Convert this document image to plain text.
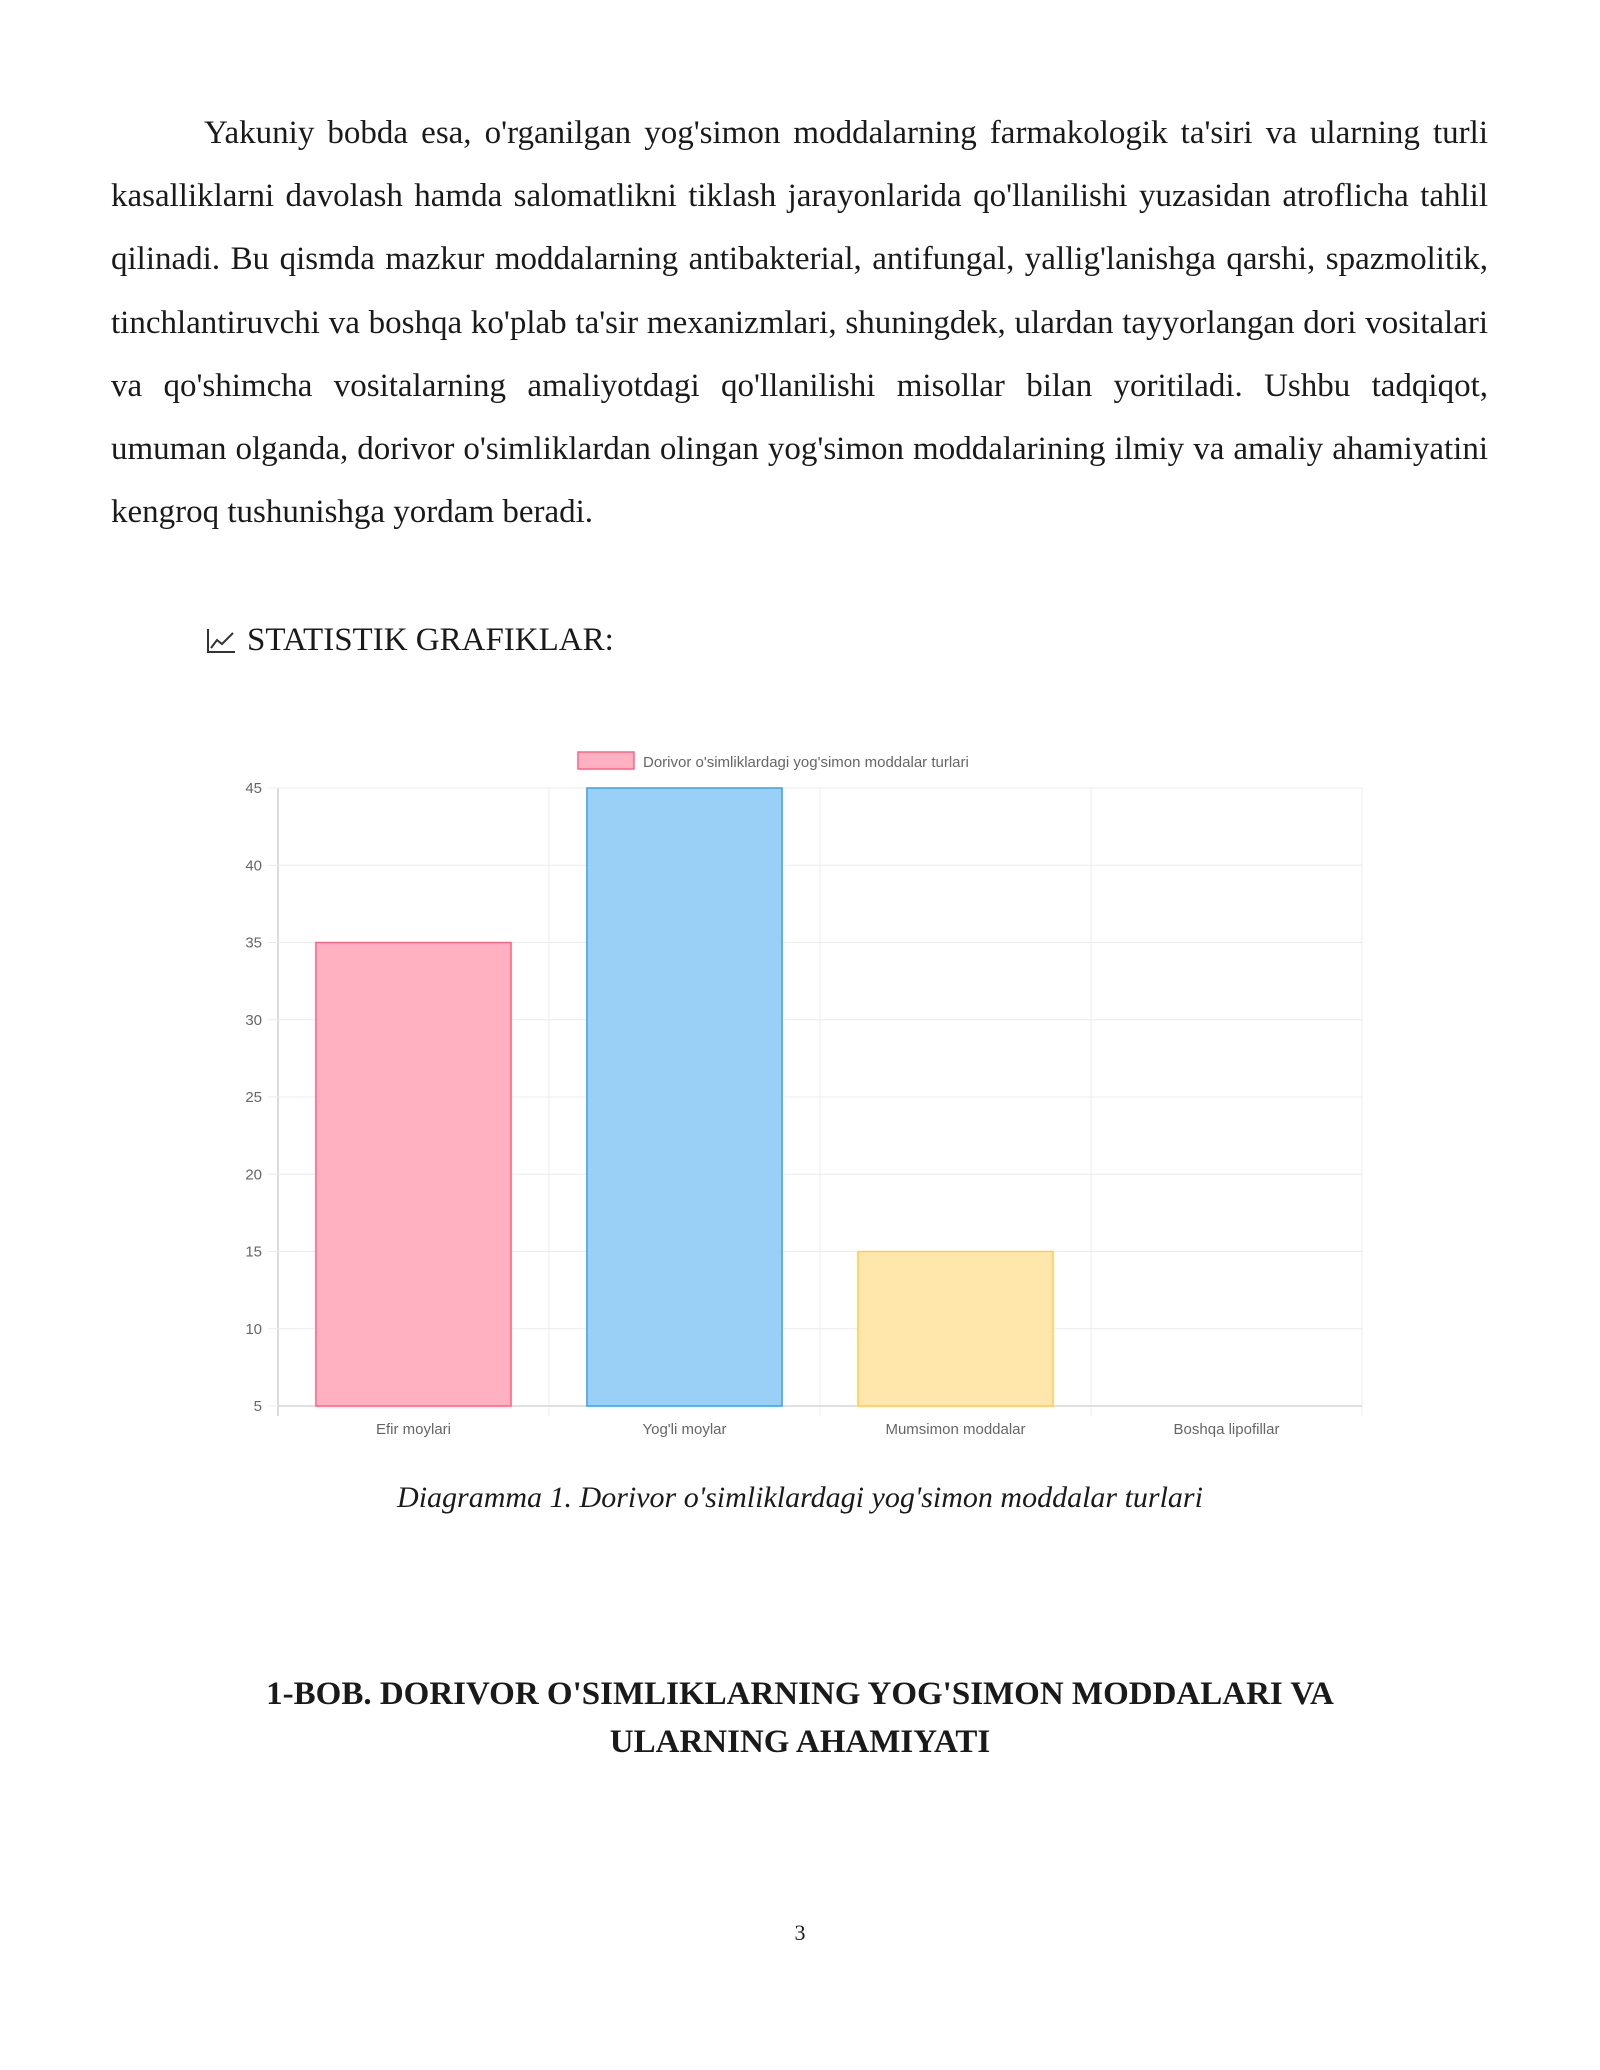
Yakuniy bobda esa, o'rganilgan yog'simon moddalarning farmakologik ta'siri va ularning turli kasalliklarni davolash hamda salomatlikni tiklash jarayonlarida qo'llanilishi yuzasidan atroflicha tahlil qilinadi. Bu qismda mazkur moddalarning antibakterial, antifungal, yallig'lanishga qarshi, spazmolitik, tinchlantiruvchi va boshqa ko'plab ta'sir mexanizmlari, shuningdek, ulardan tayyorlangan dori vositalari va qo'shimcha vositalarning amaliyotdagi qo'llanilishi misollar bilan yoritiladi. Ushbu tadqiqot, umuman olganda, dorivor o'simliklardan olingan yog'simon moddalarining ilmiy va amaliy ahamiyatini kengroq tushunishga yordam beradi.

STATISTIK GRAFIKLAR:
5
10
15
20
25
30
35
40
45
Efir moylari	Yog'li moylar	Mumsimon moddalar	Boshqa lipofillar
Dorivor o'simliklardagi yog'simon moddalar turlari
Diagramma 1. Dorivor o'simliklardagi yog'simon moddalar turlari
1-BOB. DORIVOR O'SIMLIKLARNING YOG'SIMON MODDALARI VA
ULARNING AHAMIYATI
3
